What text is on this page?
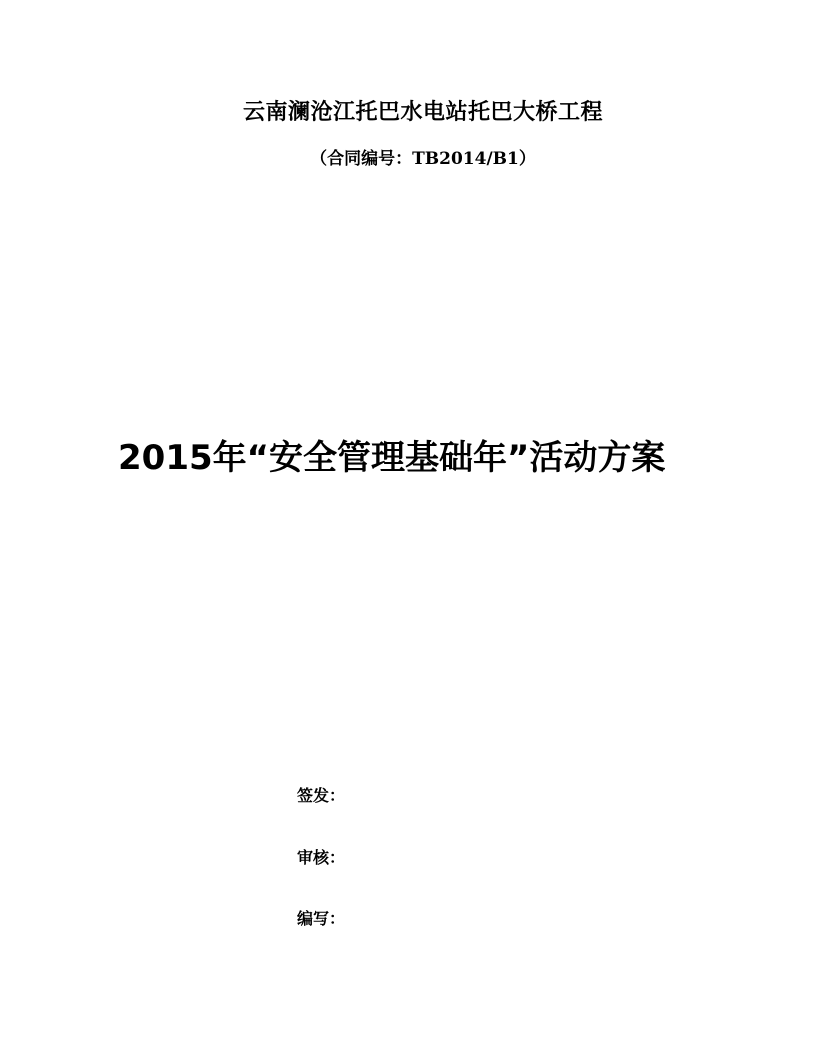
云南澜沧江托巴水电站托巴大桥工程
（合同编号：TB2014/B1）
2015年“安全管理基础年”活动方案
签发：
审核：
编写：
